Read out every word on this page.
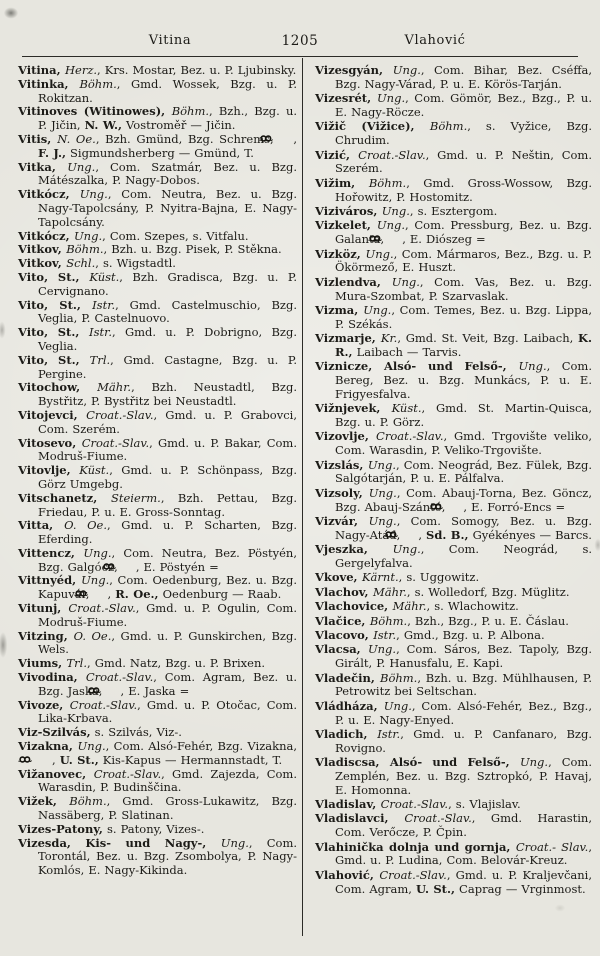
Vitina	1205	Vlahović

Vitina, Herz., Krs. Mostar, Bez. u. P. Ljubinsky.

Vitinka, Böhm., Gmd. Wossek, Bzg. u. P. Rokitzan.

Vitinoves (Witinowes), Böhm., Bzh., Bzg. u. P. Jičin, N. W., Vostroměř — Jičin.

Vitis, N. Oe., Bzh. Gmünd, Bzg. Schrems, , F. J., Sigmundsherberg — Gmünd, T.

Vitka, Ung., Com. Szatmár, Bez. u. Bzg. Mátészalka, P. Nagy-Dobos.

Vitkócz, Ung., Com. Neutra, Bez. u. Bzg. Nagy-Tapolcsány, P. Nyitra-Bajna, E. Nagy-Tapolcsány.

Vitkócz, Ung., Com. Szepes, s. Vitfalu.

Vitkov, Böhm., Bzh. u. Bzg. Pisek, P. Stěkna.

Vitkov, Schl., s. Wigstadtl.

Vito, St., Küst., Bzh. Gradisca, Bzg. u. P. Cervignano.

Vito, St., Istr., Gmd. Castelmuschio, Bzg. Veglia, P. Castelnuovo.

Vito, St., Istr., Gmd. u. P. Dobrigno, Bzg. Veglia.

Vito, St., Trl., Gmd. Castagne, Bzg. u. P. Pergine.

Vitochow, Mähr., Bzh. Neustadtl, Bzg. Bystřitz, P. Bystřitz bei Neustadtl.

Vitojevci, Croat.-Slav., Gmd. u. P. Grabovci, Com. Szerém.

Vitosevo, Croat.-Slav., Gmd. u. P. Bakar, Com. Modruš-Fiume.

Vitovlje, Küst., Gmd. u. P. Schönpass, Bzg. Görz Umgebg.

Vitschanetz, Steierm., Bzh. Pettau, Bzg. Friedau, P. u. E. Gross-Sonntag.

Vitta, O. Oe., Gmd. u. P. Scharten, Bzg. Eferding.

Vittencz, Ung., Com. Neutra, Bez. Pöstyén, Bzg. Galgócz, , E. Pöstyén =

Vittnyéd, Ung., Com. Oedenburg, Bez. u. Bzg. Kapuvár, , R. Oe., Oedenburg — Raab.

Vitunj, Croat.-Slav., Gmd. u. P. Ogulin, Com. Modruš-Fiume.

Vitzing, O. Oe., Gmd. u. P. Gunskirchen, Bzg. Wels.

Viums, Trl., Gmd. Natz, Bzg. u. P. Brixen.

Vivodina, Croat.-Slav., Com. Agram, Bez. u. Bzg. Jaska, , E. Jaska =

Vivoze, Croat.-Slav., Gmd. u. P. Otočac, Com. Lika-Krbava.

Viz-Szilvás, s. Szilvás, Viz-.

Vizakna, Ung., Com. Alsó-Fehér, Bzg. Vizakna, , U. St., Kis-Kapus — Hermannstadt, T.

Vižanovec, Croat.-Slav., Gmd. Zajezda, Com. Warasdin, P. Budinščina.

Vižek, Böhm., Gmd. Gross-Lukawitz, Bzg. Nassäberg, P. Slatinan.

Vizes-Patony, s. Patony, Vizes-.

Vizesda, Kis- und Nagy-, Ung., Com. Torontál, Bez. u. Bzg. Zsombolya, P. Nagy-Komlós, E. Nagy-Kikinda.

Vizesgyán, Ung., Com. Bihar, Bez. Cséffa, Bzg. Nagy-Várad, P. u. E. Körös-Tarján.

Vizesrét, Ung., Com. Gömör, Bez., Bzg., P. u. E. Nagy-Röcze.

Vižič (Vižice), Böhm., s. Vyžice, Bzg. Chrudim.

Vizić, Croat.-Slav., Gmd. u. P. Neštin, Com. Szerém.

Vižim, Böhm., Gmd. Gross-Wossow, Bzg. Hořowitz, P. Hostomitz.

Viziváros, Ung., s. Esztergom.

Vizkelet, Ung., Com. Pressburg, Bez. u. Bzg. Galanta, , E. Diószeg =

Vizköz, Ung., Com. Mármaros, Bez., Bzg. u. P. Ökörmező, E. Huszt.

Vizlendva, Ung., Com. Vas, Bez. u. Bzg. Mura-Szombat, P. Szarvaslak.

Vizma, Ung., Com. Temes, Bez. u. Bzg. Lippa, P. Székás.

Vizmarje, Kr., Gmd. St. Veit, Bzg. Laibach, K. R., Laibach — Tarvis.

Viznicze, Alsó- und Felső-, Ung., Com. Bereg, Bez. u. Bzg. Munkács, P. u. E. Frigyesfalva.

Vižnjevek, Küst., Gmd. St. Martin-Quisca, Bzg. u. P. Görz.

Vizovlje, Croat.-Slav., Gmd. Trgovište veliko, Com. Warasdin, P. Veliko-Trgovište.

Vizslás, Ung., Com. Neográd, Bez. Fülek, Bzg. Salgótarján, P. u. E. Pálfalva.

Vizsoly, Ung., Com. Abauj-Torna, Bez. Göncz, Bzg. Abauj-Szántó, , E. Forró-Encs =

Vizvár, Ung., Com. Somogy, Bez. u. Bzg. Nagy-Atád, , Sd. B., Gyékényes — Barcs.

Vjeszka, Ung., Com. Neográd, s. Gergelyfalva.

Vkove, Kärnt., s. Uggowitz.

Vlachov, Mähr., s. Wolledorf, Bzg. Müglitz.

Vlachovice, Mähr., s. Wlachowitz.

Vlačice, Böhm., Bzh., Bzg., P. u. E. Čáslau.

Vlacovo, Istr., Gmd., Bzg. u. P. Albona.

Vlacsa, Ung., Com. Sáros, Bez. Tapoly, Bzg. Girált, P. Hanusfalu, E. Kapi.

Vladečin, Böhm., Bzh. u. Bzg. Mühlhausen, P. Petrowitz bei Seltschan.

Vládháza, Ung., Com. Alsó-Fehér, Bez., Bzg., P. u. E. Nagy-Enyed.

Vladich, Istr., Gmd. u. P. Canfanaro, Bzg. Rovigno.

Vladiscsa, Alsó- und Felső-, Ung., Com. Zemplén, Bez. u. Bzg. Sztropkó, P. Havaj, E. Homonna.

Vladislav, Croat.-Slav., s. Vlajislav.

Vladislavci, Croat.-Slav., Gmd. Harastin, Com. Verőcze, P. Čpin.

Vlahinička dolnja und gornja, Croat.- Slav., Gmd. u. P. Ludina, Com. Belovár-Kreuz.

Vlahović, Croat.-Slav., Gmd. u. P. Kraljevčani, Com. Agram, U. St., Caprag — Vrginmost.
